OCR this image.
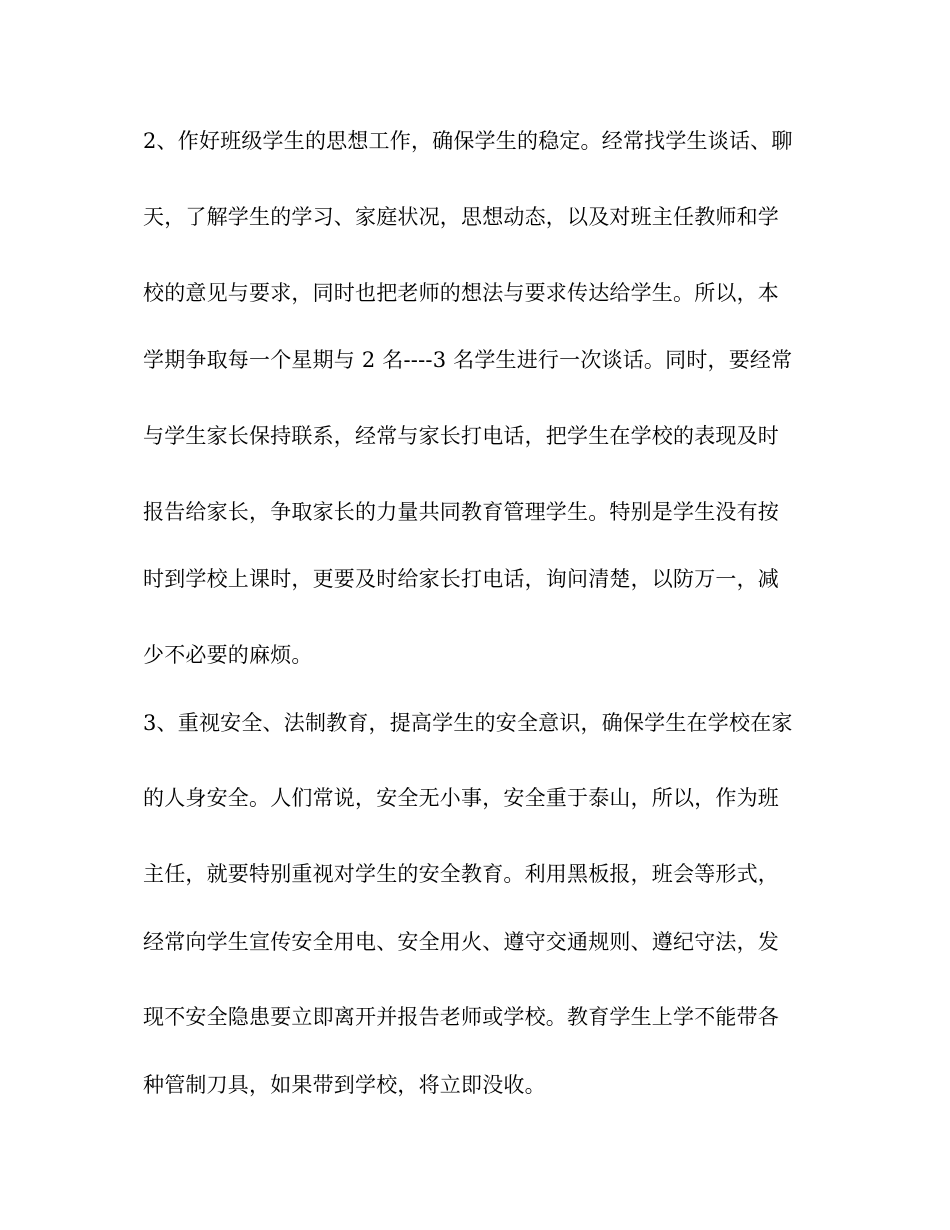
2、作好班级学生的思想工作，确保学生的稳定。经常找学生谈话、聊
天，了解学生的学习、家庭状况，思想动态，以及对班主任教师和学
校的意见与要求，同时也把老师的想法与要求传达给学生。所以，本
学期争取每一个星期与 2 名----3 名学生进行一次谈话。同时，要经常
与学生家长保持联系，经常与家长打电话，把学生在学校的表现及时
报告给家长，争取家长的力量共同教育管理学生。特别是学生没有按
时到学校上课时，更要及时给家长打电话，询问清楚，以防万一，减
少不必要的麻烦。
3、重视安全、法制教育，提高学生的安全意识，确保学生在学校在家
的人身安全。人们常说，安全无小事，安全重于泰山，所以，作为班
主任，就要特别重视对学生的安全教育。利用黑板报，班会等形式，
经常向学生宣传安全用电、安全用火、遵守交通规则、遵纪守法，发
现不安全隐患要立即离开并报告老师或学校。教育学生上学不能带各
种管制刀具，如果带到学校，将立即没收。
